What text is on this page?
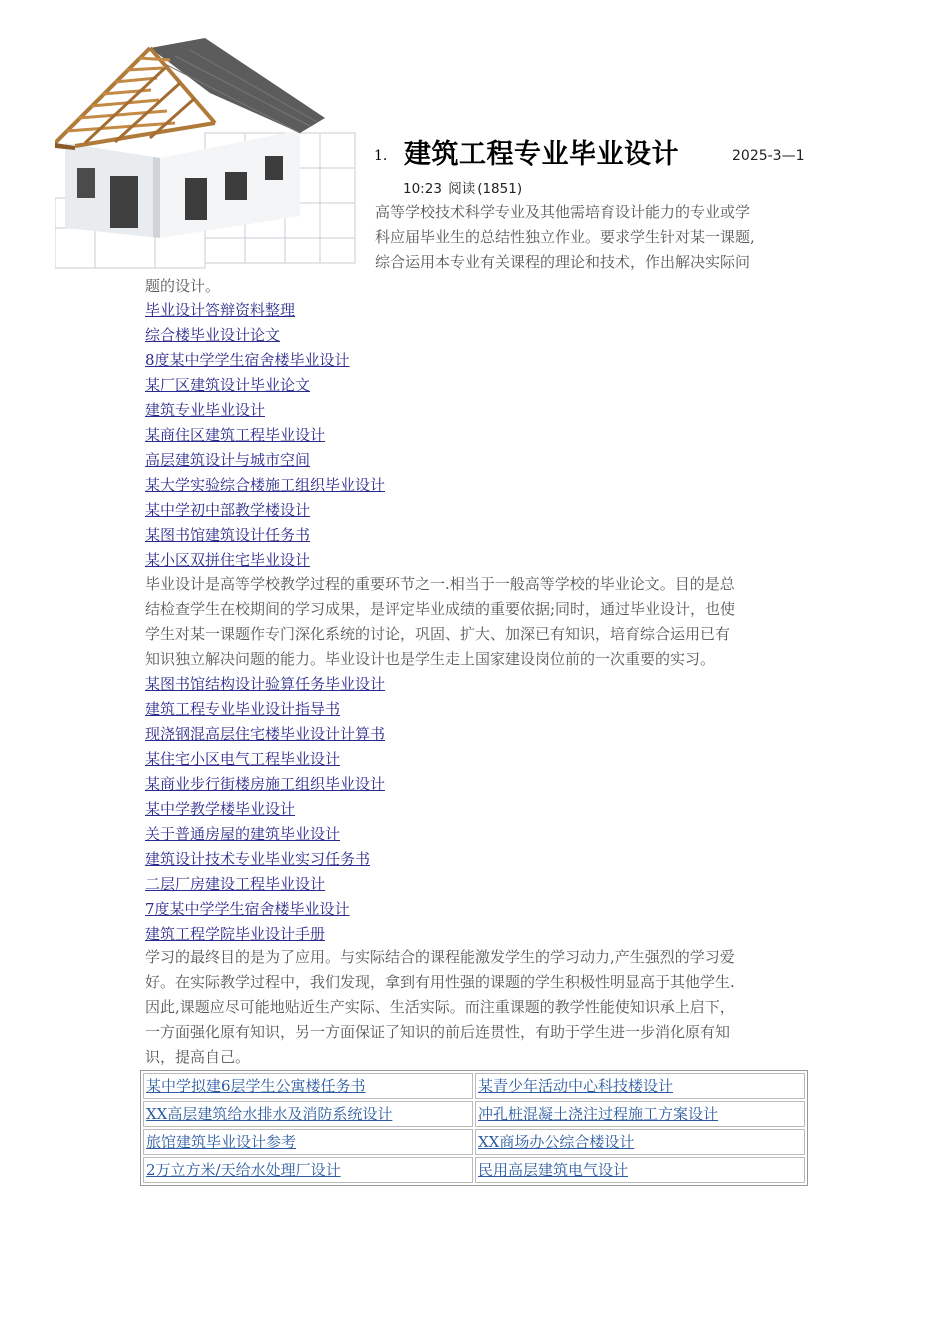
1. 建筑工程专业毕业设计	2025-3—1
10:23 阅读 (1851)
高等学校技术科学专业及其他需培育设计能力的专业或学
科应届毕业生的总结性独立作业。要求学生针对某一课题,
综合运用本专业有关课程的理论和技术，作出解决实际问
题的设计。
毕业设计答辩资料整理
综合楼毕业设计论文
8度某中学学生宿舍楼毕业设计
某厂区建筑设计毕业论文
建筑专业毕业设计
某商住区建筑工程毕业设计
高层建筑设计与城市空间
某大学实验综合楼施工组织毕业设计
某中学初中部教学楼设计
某图书馆建筑设计任务书
某小区双拼住宅毕业设计
毕业设计是高等学校教学过程的重要环节之一.相当于一般高等学校的毕业论文。目的是总
结检查学生在校期间的学习成果，是评定毕业成绩的重要依据;同时，通过毕业设计，也使
学生对某一课题作专门深化系统的讨论，巩固、扩大、加深已有知识，培育综合运用已有
知识独立解决问题的能力。毕业设计也是学生走上国家建设岗位前的一次重要的实习。
某图书馆结构设计验算任务毕业设计
建筑工程专业毕业设计指导书
现浇钢混高层住宅楼毕业设计计算书
某住宅小区电气工程毕业设计
某商业步行街楼房施工组织毕业设计
某中学教学楼毕业设计
关于普通房屋的建筑毕业设计
建筑设计技术专业毕业实习任务书
二层厂房建设工程毕业设计
7度某中学学生宿舍楼毕业设计
建筑工程学院毕业设计手册
学习的最终目的是为了应用。与实际结合的课程能激发学生的学习动力,产生强烈的学习爱
好。在实际教学过程中，我们发现，拿到有用性强的课题的学生积极性明显高于其他学生.
因此,课题应尽可能地贴近生产实际、生活实际。而注重课题的教学性能使知识承上启下，
一方面强化原有知识，另一方面保证了知识的前后连贯性，有助于学生进一步消化原有知
识，提高自己。
某中学拟建6层学生公寓楼任务书	某青少年活动中心科技楼设计
XX高层建筑给水排水及消防系统设计	冲孔桩混凝土浇注过程施工方案设计
旅馆建筑毕业设计参考	XX商场办公综合楼设计
2万立方米/天给水处理厂设计	民用高层建筑电气设计
